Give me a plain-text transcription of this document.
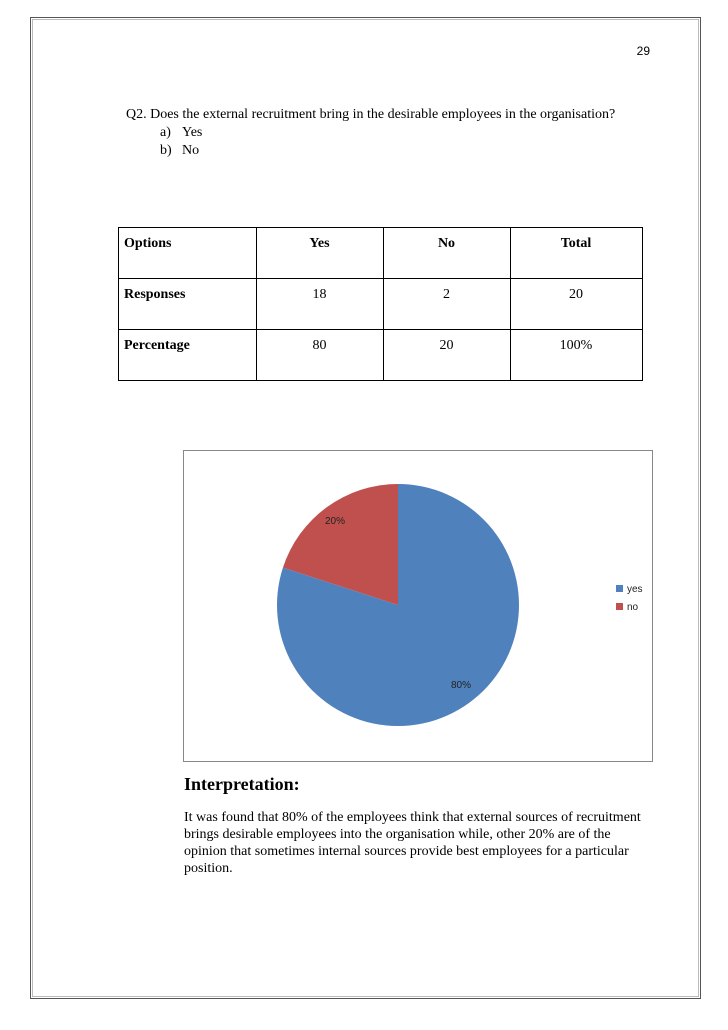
29

Q2. Does the external recruitment bring in the desirable employees in the organisation?

a) Yes
b) No
Options	Yes	No	Total
Responses	18	2	20
Percentage	80	20	100%
80%
20%
yes
no
Interpretation:

It was found that 80% of the employees think that external sources of recruitment brings desirable employees into the organisation while, other 20% are of the opinion that sometimes internal sources provide best employees for a particular position.
